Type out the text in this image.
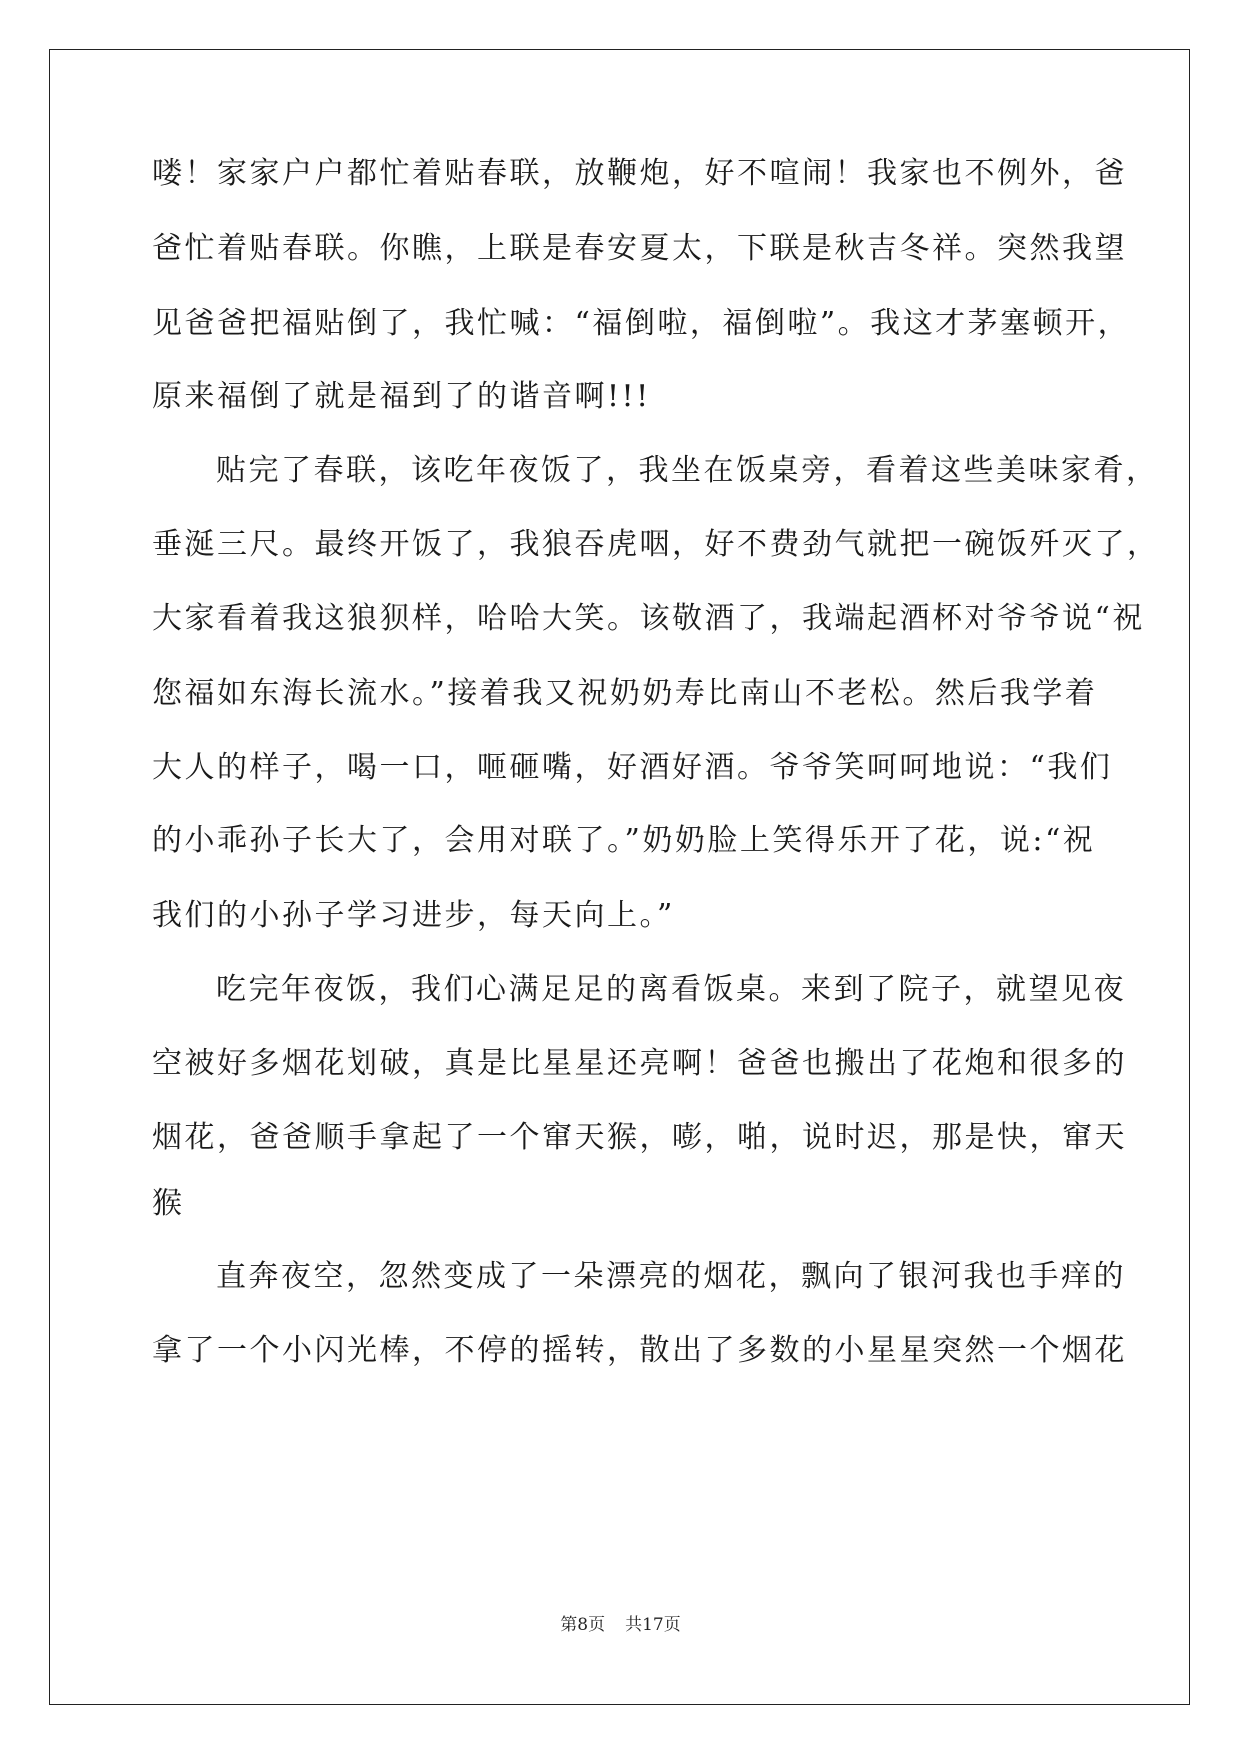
喽！家家户户都忙着贴春联，放鞭炮，好不喧闹！我家也不例外，爸
爸忙着贴春联。你瞧，上联是春安夏太，下联是秋吉冬祥。突然我望
见爸爸把福贴倒了，我忙喊：“福倒啦，福倒啦”。我这才茅塞顿开，
原来福倒了就是福到了的谐音啊!!!
贴完了春联，该吃年夜饭了，我坐在饭桌旁，看着这些美味家肴，
垂涎三尺。最终开饭了，我狼吞虎咽，好不费劲气就把一碗饭歼灭了，
大家看着我这狼狈样，哈哈大笑。该敬酒了，我端起酒杯对爷爷说“祝
您福如东海长流水。”接着我又祝奶奶寿比南山不老松。然后我学着
大人的样子，喝一口，咂砸嘴，好酒好酒。爷爷笑呵呵地说：“我们
的小乖孙子长大了，会用对联了。”奶奶脸上笑得乐开了花，说:“祝
我们的小孙子学习进步，每天向上。”
吃完年夜饭，我们心满足足的离看饭桌。来到了院子，就望见夜
空被好多烟花划破，真是比星星还亮啊！爸爸也搬出了花炮和很多的
烟花，爸爸顺手拿起了一个窜天猴，嘭，啪，说时迟，那是快，窜天
猴
直奔夜空，忽然变成了一朵漂亮的烟花，飘向了银河我也手痒的
拿了一个小闪光棒，不停的摇转，散出了多数的小星星突然一个烟花
第8页 共17页
